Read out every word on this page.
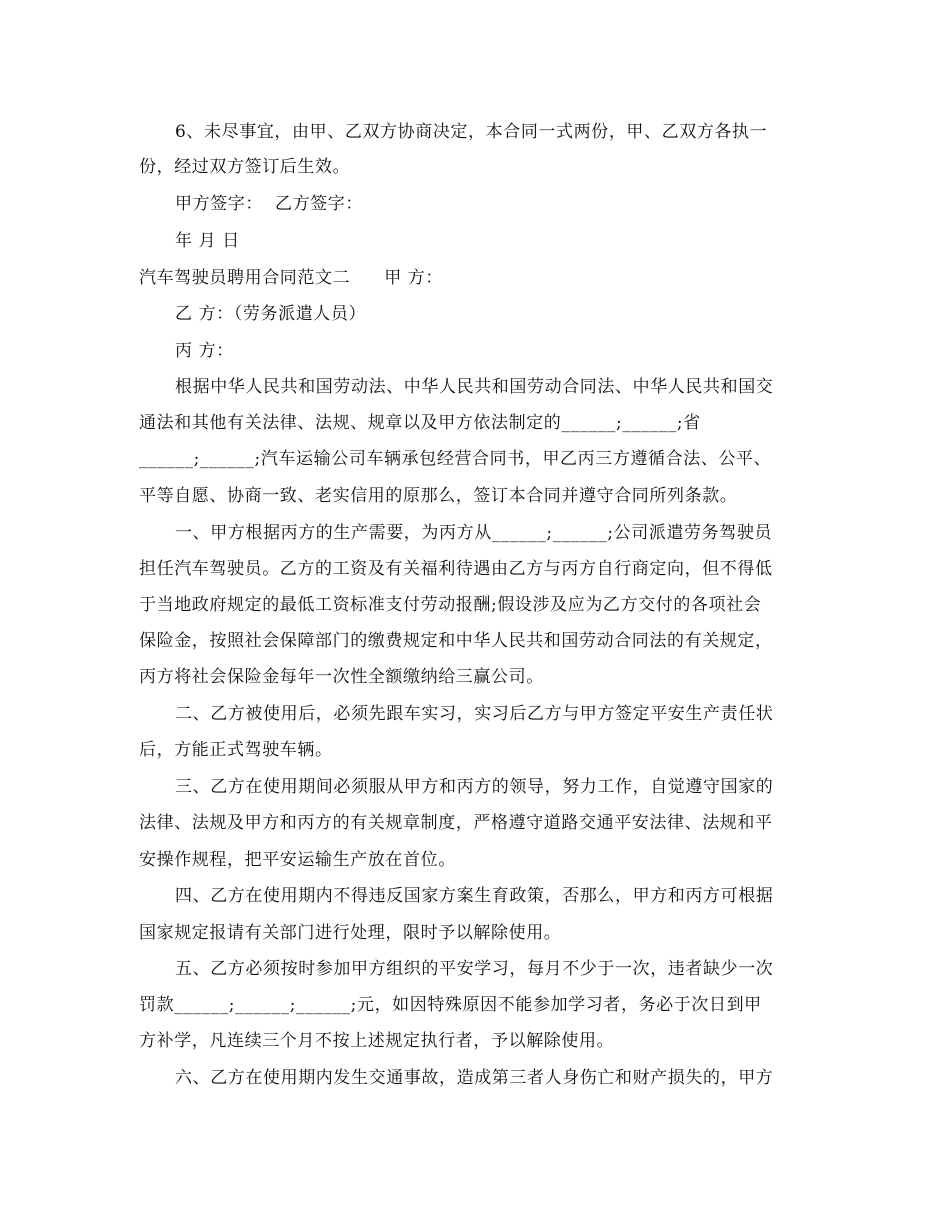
6、未尽事宜，由甲、乙双方协商决定，本合同一式两份，甲、乙双方各执一
份，经过双方签订后生效。
甲方签字：  乙方签字：
年 月 日
汽车驾驶员聘用合同范文二 甲 方：
乙 方：（劳务派遣人员）
丙 方：
根据中华人民共和国劳动法、中华人民共和国劳动合同法、中华人民共和国交
通法和其他有关法律、法规、规章以及甲方依法制定的______;______;省
______;______;汽车运输公司车辆承包经营合同书，甲乙丙三方遵循合法、公平、
平等自愿、协商一致、老实信用的原那么，签订本合同并遵守合同所列条款。
一、甲方根据丙方的生产需要，为丙方从______;______;公司派遣劳务驾驶员
担任汽车驾驶员。乙方的工资及有关福利待遇由乙方与丙方自行商定向，但不得低
于当地政府规定的最低工资标准支付劳动报酬;假设涉及应为乙方交付的各项社会
保险金，按照社会保障部门的缴费规定和中华人民共和国劳动合同法的有关规定，
丙方将社会保险金每年一次性全额缴纳给三赢公司。
二、乙方被使用后，必须先跟车实习，实习后乙方与甲方签定平安生产责任状
后，方能正式驾驶车辆。
三、乙方在使用期间必须服从甲方和丙方的领导，努力工作，自觉遵守国家的
法律、法规及甲方和丙方的有关规章制度，严格遵守道路交通平安法律、法规和平
安操作规程，把平安运输生产放在首位。
四、乙方在使用期内不得违反国家方案生育政策，否那么，甲方和丙方可根据
国家规定报请有关部门进行处理，限时予以解除使用。
五、乙方必须按时参加甲方组织的平安学习，每月不少于一次，违者缺少一次
罚款______;______;______;元，如因特殊原因不能参加学习者，务必于次日到甲
方补学，凡连续三个月不按上述规定执行者，予以解除使用。
六、乙方在使用期内发生交通事故，造成第三者人身伤亡和财产损失的，甲方
